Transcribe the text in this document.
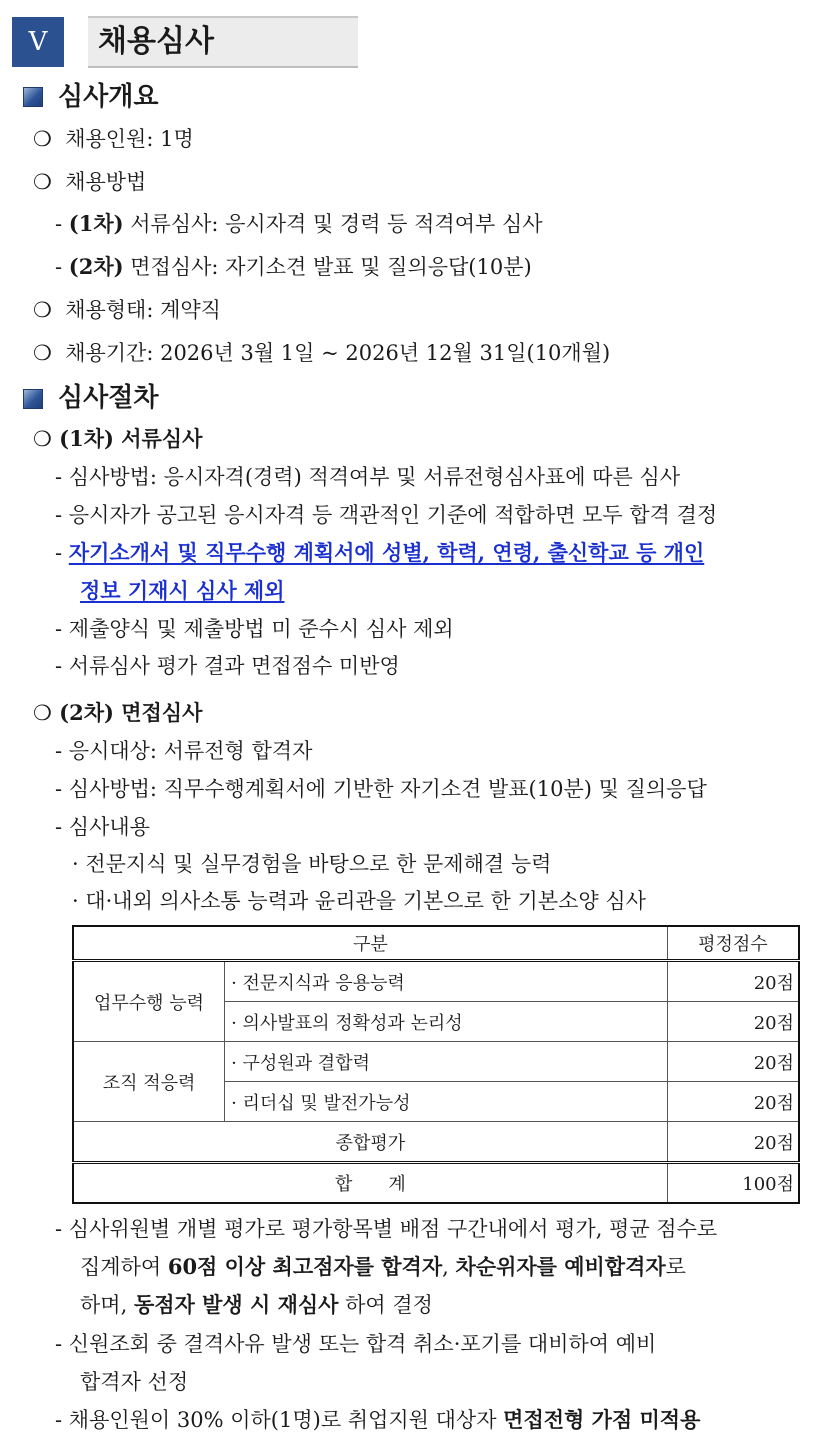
V	채용심사
심사개요
❍ 채용인원: 1명
❍ 채용방법
- (1차) 서류심사: 응시자격 및 경력 등 적격여부 심사
- (2차) 면접심사: 자기소견 발표 및 질의응답(10분)
❍ 채용형태: 계약직
❍ 채용기간: 2026년 3월 1일 ~ 2026년 12월 31일(10개월)
심사절차
❍ (1차) 서류심사
- 심사방법: 응시자격(경력) 적격여부 및 서류전형심사표에 따른 심사
- 응시자가 공고된 응시자격 등 객관적인 기준에 적합하면 모두 합격 결정
- 자기소개서 및 직무수행 계획서에 성별, 학력, 연령, 출신학교 등 개인
정보 기재시 심사 제외
- 제출양식 및 제출방법 미 준수시 심사 제외
- 서류심사 평가 결과 면접점수 미반영
❍ (2차) 면접심사
- 응시대상: 서류전형 합격자
- 심사방법: 직무수행계획서에 기반한 자기소견 발표(10분) 및 질의응답
- 심사내용
· 전문지식 및 실무경험을 바탕으로 한 문제해결 능력
· 대·내외 의사소통 능력과 윤리관을 기본으로 한 기본소양 심사
구분		평정점수
업무수행 능력	· 전문지식과 응용능력	20점
	· 의사발표의 정확성과 논리성	20점
조직 적응력	· 구성원과 결합력	20점
	· 리더십 및 발전가능성	20점
종합평가		20점
합　　계		100점
- 심사위원별 개별 평가로 평가항목별 배점 구간내에서 평가, 평균 점수로
집계하여 60점 이상 최고점자를 합격자, 차순위자를 예비합격자로
하며, 동점자 발생 시 재심사 하여 결정
- 신원조회 중 결격사유 발생 또는 합격 취소·포기를 대비하여 예비
합격자 선정
- 채용인원이 30% 이하(1명)로 취업지원 대상자 면접전형 가점 미적용
